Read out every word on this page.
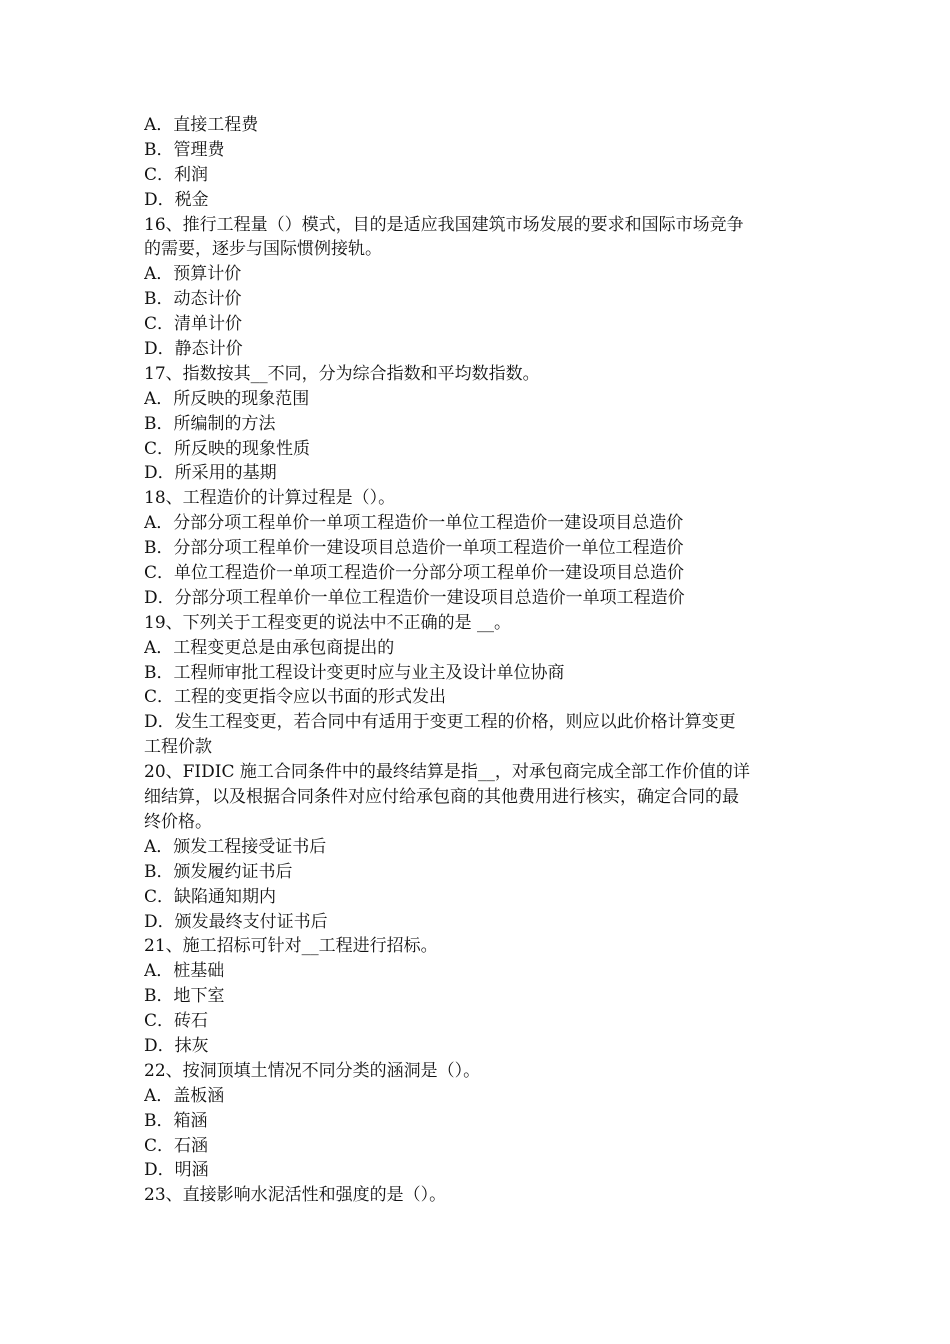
A．直接工程费
B．管理费
C．利润
D．税金
16、推行工程量（）模式，目的是适应我国建筑市场发展的要求和国际市场竞争
的需要，逐步与国际惯例接轨。
A．预算计价
B．动态计价
C．清单计价
D．静态计价
17、指数按其__不同，分为综合指数和平均数指数。
A．所反映的现象范围
B．所编制的方法
C．所反映的现象性质
D．所采用的基期
18、工程造价的计算过程是（）。
A．分部分项工程单价一单项工程造价一单位工程造价一建设项目总造价
B．分部分项工程单价一建设项目总造价一单项工程造价一单位工程造价
C．单位工程造价一单项工程造价一分部分项工程单价一建设项目总造价
D．分部分项工程单价一单位工程造价一建设项目总造价一单项工程造价
19、下列关于工程变更的说法中不正确的是 __。
A．工程变更总是由承包商提出的
B．工程师审批工程设计变更时应与业主及设计单位协商
C．工程的变更指令应以书面的形式发出
D．发生工程变更，若合同中有适用于变更工程的价格，则应以此价格计算变更
工程价款
20、FIDIC 施工合同条件中的最终结算是指__，对承包商完成全部工作价值的详
细结算，以及根据合同条件对应付给承包商的其他费用进行核实，确定合同的最
终价格。
A．颁发工程接受证书后
B．颁发履约证书后
C．缺陷通知期内
D．颁发最终支付证书后
21、施工招标可针对__工程进行招标。
A．桩基础
B．地下室
C．砖石
D．抹灰
22、按洞顶填土情况不同分类的涵洞是（）。
A．盖板涵
B．箱涵
C．石涵
D．明涵
23、直接影响水泥活性和强度的是（）。
